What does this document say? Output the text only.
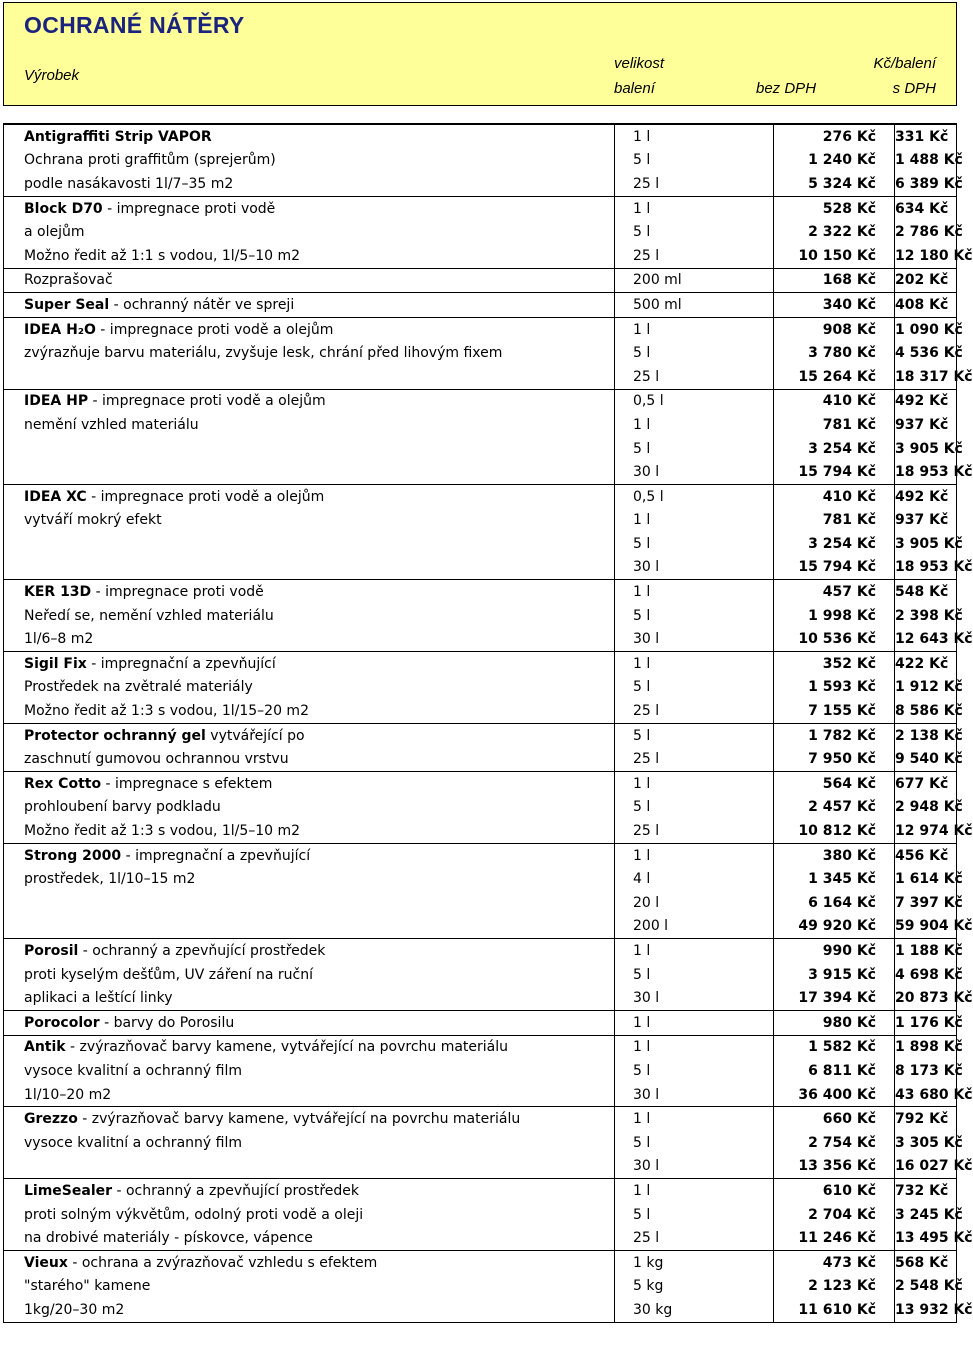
OCHRANÉ NÁTĚRY
Výrobek
velikost
balení
Kč/balení
bez DPH	s DPH
Antigraffiti Strip VAPOR	1 l	276 Kč	331 Kč
Ochrana proti graffitům (sprejerům)	5 l	1 240 Kč	1 488 Kč
podle nasákavosti 1l/7–35 m2	25 l	5 324 Kč	6 389 Kč
Block D70 - impregnace proti vodě	1 l	528 Kč	634 Kč
a olejům	5 l	2 322 Kč	2 786 Kč
Možno ředit až 1:1 s vodou, 1l/5–10 m2	25 l	10 150 Kč	12 180 Kč
Rozprašovač	200 ml	168 Kč	202 Kč
Super Seal - ochranný nátěr ve spreji	500 ml	340 Kč	408 Kč
IDEA H₂O - impregnace proti vodě a olejům	1 l	908 Kč	1 090 Kč
zvýrazňuje barvu materiálu, zvyšuje lesk, chrání před lihovým fixem	5 l	3 780 Kč	4 536 Kč
	25 l	15 264 Kč	18 317 Kč
IDEA HP - impregnace proti vodě a olejům	0,5 l	410 Kč	492 Kč
nemění vzhled materiálu	1 l	781 Kč	937 Kč
	5 l	3 254 Kč	3 905 Kč
	30 l	15 794 Kč	18 953 Kč
IDEA XC - impregnace proti vodě a olejům	0,5 l	410 Kč	492 Kč
vytváří mokrý efekt	1 l	781 Kč	937 Kč
	5 l	3 254 Kč	3 905 Kč
	30 l	15 794 Kč	18 953 Kč
KER 13D - impregnace proti vodě	1 l	457 Kč	548 Kč
Neředí se, nemění vzhled materiálu	5 l	1 998 Kč	2 398 Kč
1l/6–8 m2	30 l	10 536 Kč	12 643 Kč
Sigil Fix - impregnační a zpevňující	1 l	352 Kč	422 Kč
Prostředek na zvětralé materiály	5 l	1 593 Kč	1 912 Kč
Možno ředit až 1:3 s vodou, 1l/15–20 m2	25 l	7 155 Kč	8 586 Kč
Protector ochranný gel vytvářející po	5 l	1 782 Kč	2 138 Kč
zaschnutí gumovou ochrannou vrstvu	25 l	7 950 Kč	9 540 Kč
Rex Cotto - impregnace s efektem	1 l	564 Kč	677 Kč
prohloubení barvy podkladu	5 l	2 457 Kč	2 948 Kč
Možno ředit až 1:3 s vodou, 1l/5–10 m2	25 l	10 812 Kč	12 974 Kč
Strong 2000 - impregnační a zpevňující	1 l	380 Kč	456 Kč
prostředek, 1l/10–15 m2	4 l	1 345 Kč	1 614 Kč
	20 l	6 164 Kč	7 397 Kč
	200 l	49 920 Kč	59 904 Kč
Porosil - ochranný a zpevňující prostředek	1 l	990 Kč	1 188 Kč
proti kyselým dešťům, UV záření na ruční	5 l	3 915 Kč	4 698 Kč
aplikaci a leštící linky	30 l	17 394 Kč	20 873 Kč
Porocolor - barvy do Porosilu	1 l	980 Kč	1 176 Kč
Antik - zvýrazňovač barvy kamene, vytvářející na povrchu materiálu	1 l	1 582 Kč	1 898 Kč
vysoce kvalitní a ochranný film	5 l	6 811 Kč	8 173 Kč
1l/10–20 m2	30 l	36 400 Kč	43 680 Kč
Grezzo - zvýrazňovač barvy kamene, vytvářející na povrchu materiálu	1 l	660 Kč	792 Kč
vysoce kvalitní a ochranný film	5 l	2 754 Kč	3 305 Kč
	30 l	13 356 Kč	16 027 Kč
LimeSealer - ochranný a zpevňující prostředek	1 l	610 Kč	732 Kč
proti solným výkvětům, odolný proti vodě a oleji	5 l	2 704 Kč	3 245 Kč
na drobivé materiály - pískovce, vápence	25 l	11 246 Kč	13 495 Kč
Vieux - ochrana a zvýrazňovač vzhledu s efektem	1 kg	473 Kč	568 Kč
"starého" kamene	5 kg	2 123 Kč	2 548 Kč
1kg/20–30 m2	30 kg	11 610 Kč	13 932 Kč
